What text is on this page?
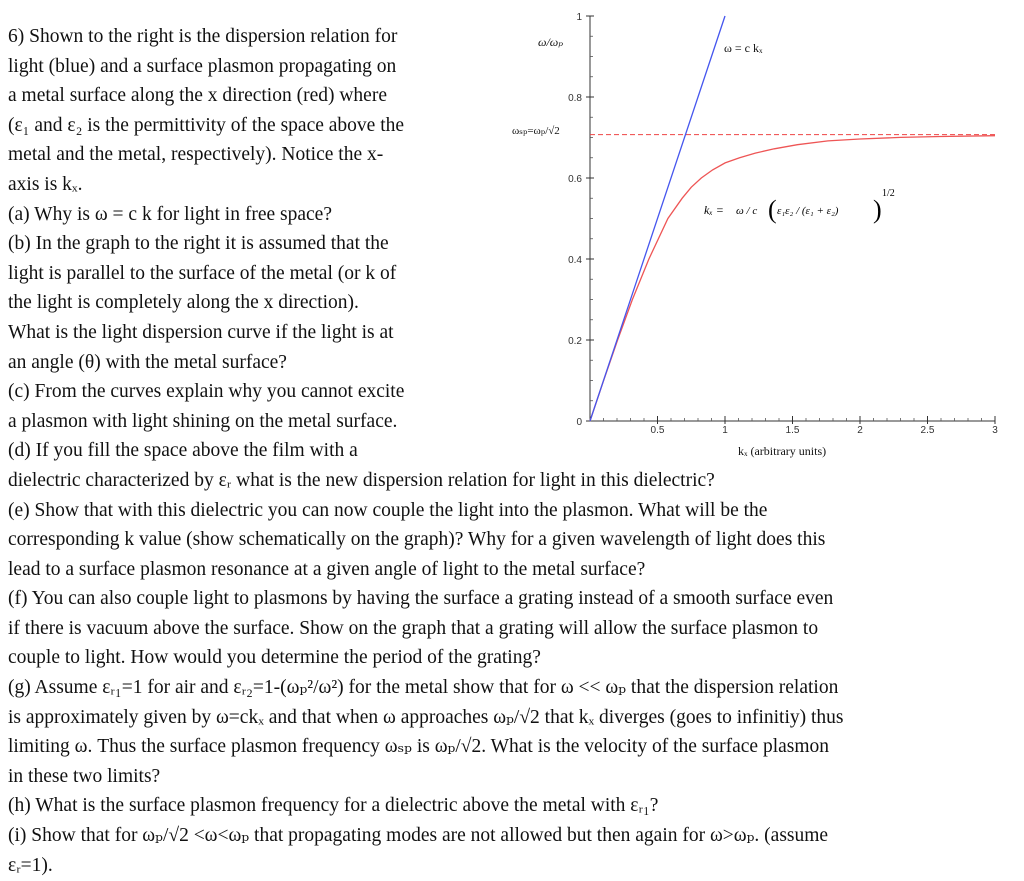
6) Shown to the right is the dispersion relation for
light (blue) and a surface plasmon propagating on
a metal surface along the x direction (red) where
(ε₁ and ε₂ is the permittivity of the space above the
metal and the metal, respectively). Notice the x-
axis is kₓ.
(a) Why is ω = c k for light in free space?
(b) In the graph to the right it is assumed that the
light is parallel to the surface of the metal (or k of
the light is completely along the x direction).
What is the light dispersion curve if the light is at
an angle (θ) with the metal surface?
(c) From the curves explain why you cannot excite
a plasmon with light shining on the metal surface.
(d) If you fill the space above the film with a
dielectric characterized by εᵣ what is the new dispersion relation for light in this dielectric?
(e) Show that with this dielectric you can now couple the light into the plasmon. What will be the
corresponding k value (show schematically on the graph)? Why for a given wavelength of light does this
lead to a surface plasmon resonance at a given angle of light to the metal surface?
(f) You can also couple light to plasmons by having the surface a grating instead of a smooth surface even
if there is vacuum above the surface. Show on the graph that a grating will allow the surface plasmon to
couple to light. How would you determine the period of the grating?
(g) Assume εᵣ₁=1 for air and εᵣ₂=1-(ωₚ²/ω²) for the metal show that for ω << ωₚ that the dispersion relation
is approximately given by ω=ckₓ and that when ω approaches ωₚ/√2 that kₓ diverges (goes to infinitiy) thus
limiting ω. Thus the surface plasmon frequency ωₛₚ is ωₚ/√2. What is the velocity of the surface plasmon
in these two limits?
(h) What is the surface plasmon frequency for a dielectric above the metal with εᵣ₁?
(i) Show that for ωₚ/√2 <ω<ωₚ that propagating modes are not allowed but then again for ω>ωₚ. (assume
εᵣ=1).
0
0.2
0.4
0.6
0.8
1
0.5	1	1.5	2	2.5	3
ωₛₚ=ωₚ/√2
ω/ωₚ	ω = c kₓ
kₓ (arbitrary units)
kₓ = ω / c ( ε₁ε₂ / (ε₁ + ε₂) )
1/2
